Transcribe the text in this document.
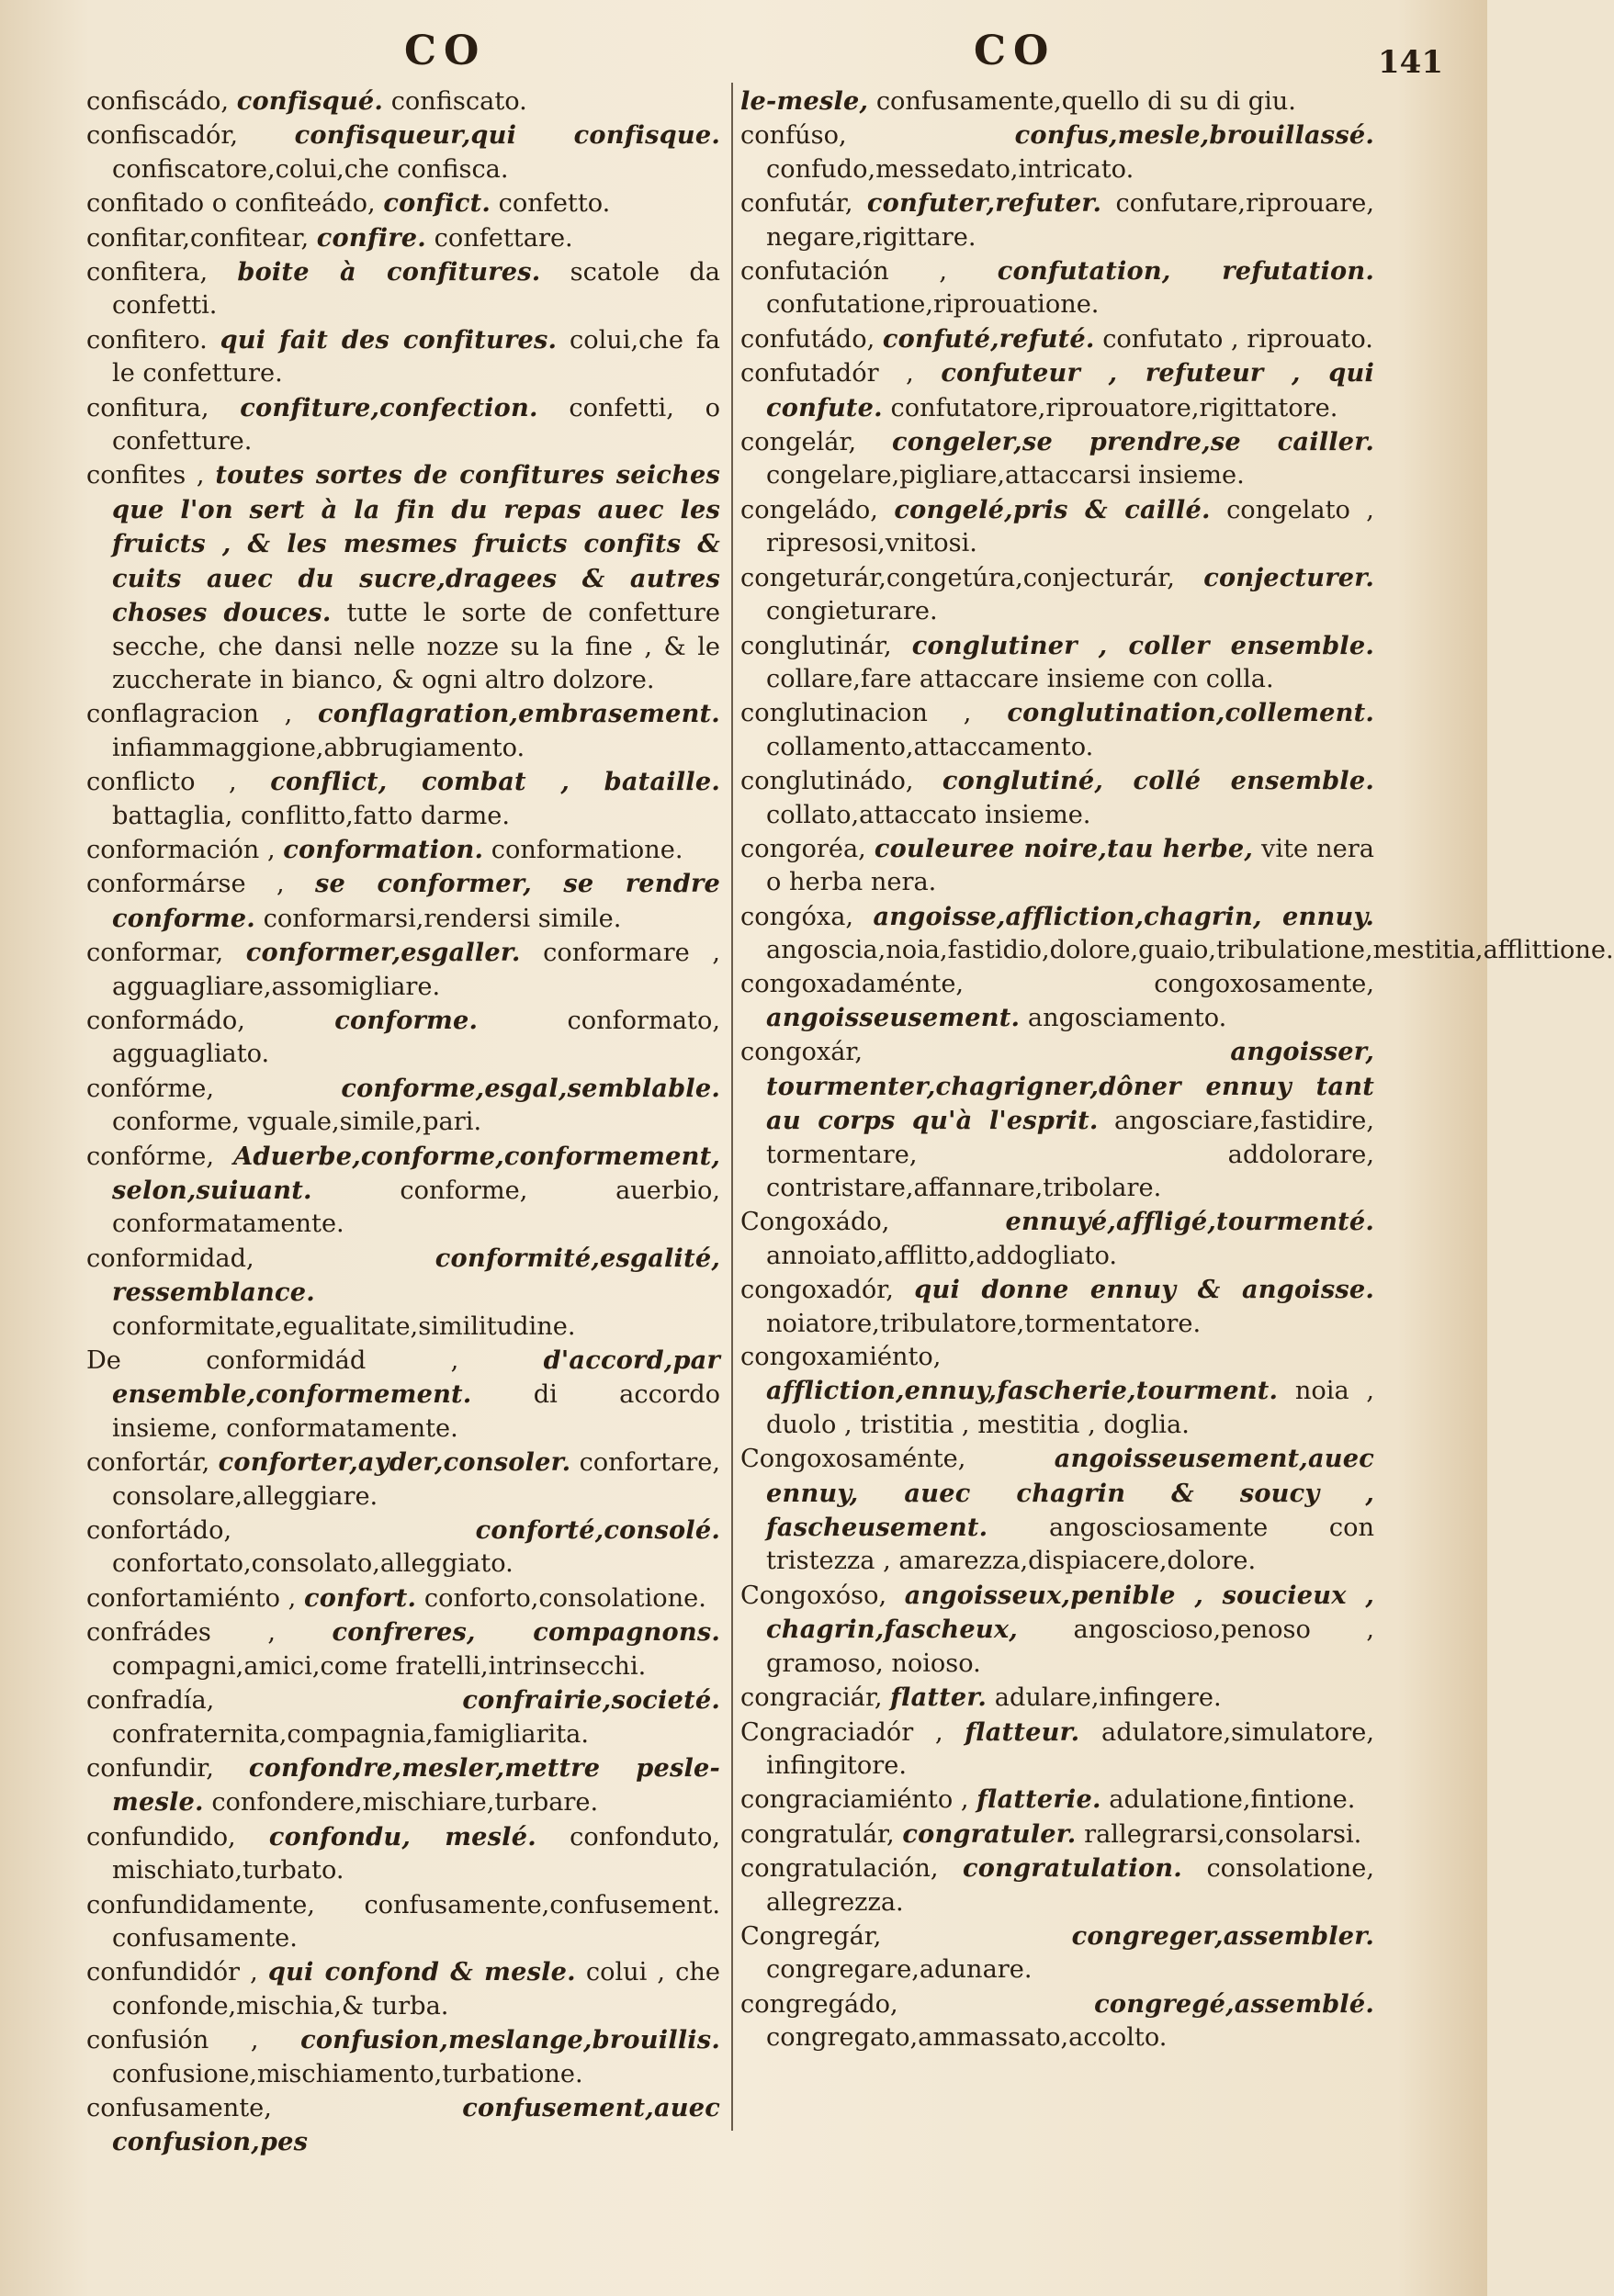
CO	CO	141

confiscádo, confisqué. confiscato.

confiscadór, confisqueur,qui confisque. confiscatore,colui,che confisca.

confitado o confiteádo, confict. confetto.

confitar,confitear, confire. confettare.

confitera, boite à confitures. scatole da confetti.

confitero. qui fait des confitures. colui,che fa le confetture.

confitura, confiture,confection. confetti, o confetture.

confites , toutes sortes de confitures seiches que l'on sert à la fin du repas auec les fruicts , & les mesmes fruicts confits & cuits auec du sucre,dragees & autres choses douces. tutte le sorte de confetture secche, che dansi nelle nozze su la fine , & le zuccherate in bianco, & ogni altro dolzore.

conflagracion , conflagration,embrasement. infiammaggione,abbrugiamento.

conflicto , conflict, combat , bataille. battaglia, conflitto,fatto darme.

conformación , conformation. conformatione.

conformárse , se conformer, se rendre conforme. conformarsi,rendersi simile.

conformar, conformer,esgaller. conformare , agguagliare,assomigliare.

conformádo,	conforme.	conformato, agguagliato.

confórme,	conforme,esgal,semblable. conforme, vguale,simile,pari.

confórme, Aduerbe,conforme,conformement, selon,suiuant.	conforme, auerbio, conformatamente.

conformidad,	conformité,esgalité, ressemblance. conformitate,egualitate,similitudine.

De conformidád ,	d'accord,par ensemble,conformement. di accordo insieme, conformatamente.

confortár, conforter,ayder,consoler. confortare, consolare,alleggiare.

confortádo,	conforté,consolé. confortato,consolato,alleggiato.

confortamiénto , confort. conforto,consolatione.

confrádes , confreres, compagnons. compagni,amici,come fratelli,intrinsecchi.

confradía,	confrairie,societé. confraternita,compagnia,famigliarita.

confundir, confondre,mesler,mettre pesle-mesle. confondere,mischiare,turbare.

confundido, confondu, meslé. confonduto, mischiato,turbato.

confundidamente, confusamente,confusement. confusamente.

confundidór , qui confond & mesle. colui , che confonde,mischia,& turba.

confusión , confusion,meslange,brouillis. confusione,mischiamento,turbatione.

confusamente,	confusement,auec confusion,pes

le-mesle, confusamente,quello di su di giu.

confúso,	confus,mesle,brouillassé. confudo,messedato,intricato.

confutár, confuter,refuter. confutare,riprouare, negare,rigittare.

confutación , confutation, refutation. confutatione,riprouatione.

confutádo, confuté,refuté. confutato , riprouato.

confutadór , confuteur , refuteur , qui confute. confutatore,riprouatore,rigittatore.

congelár, congeler,se prendre,se cailler. congelare,pigliare,attaccarsi insieme.

congeládo, congelé,pris & caillé. congelato , ripresosi,vnitosi.

congeturár,congetúra,conjecturár, conjecturer. congieturare.

conglutinár, conglutiner , coller ensemble. collare,fare attaccare insieme con colla.

conglutinacion , conglutination,collement. collamento,attaccamento.

conglutinádo, conglutiné, collé ensemble. collato,attaccato insieme.

congoréa, couleuree noire,tau herbe, vite nera o herba nera.

congóxa, angoisse,affliction,chagrin, ennuy. angoscia,noia,fastidio,dolore,guaio,tribulatione,mestitia,afflittione.

congoxadaménte, congoxosamente, angoisseusement. angosciamento.

congoxár,	angoisser, tourmenter,chagrigner,dôner ennuy tant au corps qu'à l'esprit. angosciare,fastidire, tormentare, addolorare, contristare,affannare,tribolare.

Congoxádo,	ennuyé,affligé,tourmenté. annoiato,afflitto,addogliato.

congoxadór, qui donne ennuy & angoisse. noiatore,tribulatore,tormentatore.

congoxamiénto, affliction,ennuy,fascherie,tourment. noia , duolo , tristitia , mestitia , doglia.

Congoxosaménte,	angoisseusement,auec ennuy, auec chagrin & soucy , fascheusement. angosciosamente con tristezza , amarezza,dispiacere,dolore.

Congoxóso, angoisseux,penible , soucieux , chagrin,fascheux, angoscioso,penoso , gramoso, noioso.

congraciár, flatter. adulare,infingere.

Congraciadór , flatteur. adulatore,simulatore, infingitore.

congraciamiénto , flatterie. adulatione,fintione.

congratulár, congratuler. rallegrarsi,consolarsi.

congratulación, congratulation. consolatione, allegrezza.

Congregár,	congreger,assembler. congregare,adunare.

congregádo,	congregé,assemblé. congregato,ammassato,accolto.
